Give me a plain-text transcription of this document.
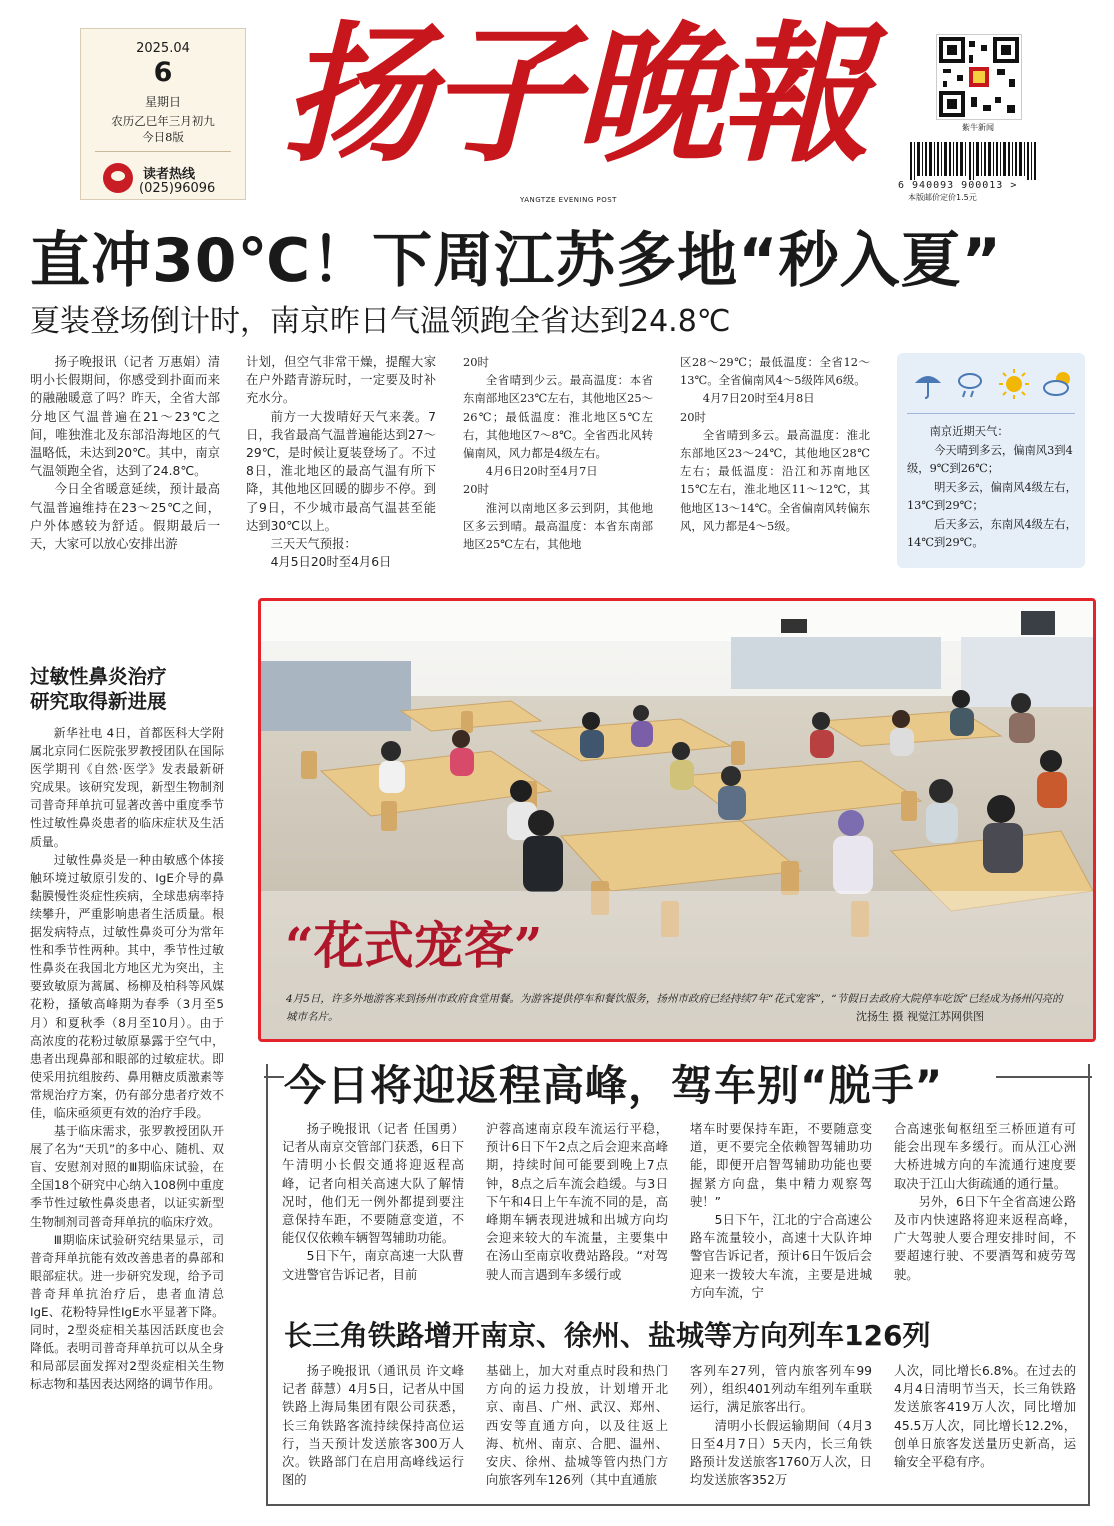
2025.04
6
星期日
农历乙巳年三月初九
今日8版
读者热线
(025)96096
扬子晚報
YANGTZE EVENING POST
紫牛新闻
6 940093 900013 >
本版邮价定价1.5元
直冲30℃！下周江苏多地“秒入夏”
夏装登场倒计时，南京昨日气温领跑全省达到24.8℃

扬子晚报讯（记者 万惠娟）清明小长假期间，你感受到扑面而来的融融暖意了吗？昨天，全省大部分地区气温普遍在21～23℃之间，唯独淮北及东部沿海地区的气温略低，未达到20℃。其中，南京气温领跑全省，达到了24.8℃。

今日全省暖意延续，预计最高气温普遍维持在23～25℃之间，户外体感较为舒适。假期最后一天，大家可以放心安排出游

计划，但空气非常干燥，提醒大家在户外踏青游玩时，一定要及时补充水分。

前方一大拨晴好天气来袭。7日，我省最高气温普遍能达到27～29℃，是时候让夏装登场了。不过8日，淮北地区的最高气温有所下降，其他地区回暖的脚步不停。到了9日，不少城市最高气温甚至能达到30℃以上。

三天天气预报：

4月5日20时至4月6日

20时

全省晴到少云。最高温度：本省东南部地区23℃左右，其他地区25～26℃；最低温度：淮北地区5℃左右，其他地区7～8℃。全省西北风转偏南风，风力都是4级左右。

4月6日20时至4月7日

20时

淮河以南地区多云到阴，其他地区多云到晴。最高温度：本省东南部地区25℃左右，其他地

区28～29℃；最低温度：全省12～13℃。全省偏南风4～5级阵风6级。

4月7日20时至4月8日

20时

全省晴到多云。最高温度：淮北东部地区23～24℃，其他地区28℃左右；最低温度：沿江和苏南地区15℃左右，淮北地区11～12℃，其他地区13～14℃。全省偏南风转偏东风，风力都是4～5级。

南京近期天气：

今天晴到多云，偏南风3到4级，9℃到26℃；

明天多云，偏南风4级左右，13℃到29℃；

后天多云，东南风4级左右，14℃到29℃。

过敏性鼻炎治疗
研究取得新进展

新华社电 4日，首都医科大学附属北京同仁医院张罗教授团队在国际医学期刊《自然·医学》发表最新研究成果。该研究发现，新型生物制剂司普奇拜单抗可显著改善中重度季节性过敏性鼻炎患者的临床症状及生活质量。

过敏性鼻炎是一种由敏感个体接触环境过敏原引发的、IgE介导的鼻黏膜慢性炎症性疾病，全球患病率持续攀升，严重影响患者生活质量。根据发病特点，过敏性鼻炎可分为常年性和季节性两种。其中，季节性过敏性鼻炎在我国北方地区尤为突出，主要致敏原为蒿属、杨柳及柏科等风媒花粉，搔敏高峰期为春季（3月至5月）和夏秋季（8月至10月）。由于高浓度的花粉过敏原暴露于空气中，患者出现鼻部和眼部的过敏症状。即使采用抗组胺药、鼻用糖皮质激素等常规治疗方案，仍有部分患者疗效不佳，临床亟须更有效的治疗手段。

基于临床需求，张罗教授团队开展了名为“天玑”的多中心、随机、双盲、安慰剂对照的Ⅲ期临床试验，在全国18个研究中心纳入108例中重度季节性过敏性鼻炎患者，以证实新型生物制剂司普奇拜单抗的临床疗效。

Ⅲ期临床试验研究结果显示，司普奇拜单抗能有效改善患者的鼻部和眼部症状。进一步研究发现，给予司普奇拜单抗治疗后，患者血清总IgE、花粉特异性IgE水平显著下降。同时，2型炎症相关基因活跃度也会降低。表明司普奇拜单抗可以从全身和局部层面发挥对2型炎症相关生物标志物和基因表达网络的调节作用。

“花式宠客”
4月5日，许多外地游客来到扬州市政府食堂用餐。为游客提供停车和餐饮服务，扬州市政府已经持续7年“花式宠客”，“节假日去政府大院停车吃饭”已经成为扬州闪亮的城市名片。	沈扬生 摄 视觉江苏网供图
今日将迎返程高峰，驾车别“脱手”

扬子晚报讯（记者 任国勇）记者从南京交管部门获悉，6日下午清明小长假交通将迎返程高峰，记者向相关高速大队了解情况时，他们无一例外都提到要注意保持车距，不要随意变道，不能仅仅依赖车辆智驾辅助功能。

5日下午，南京高速一大队曹文进警官告诉记者，目前

沪蓉高速南京段车流运行平稳，预计6日下午2点之后会迎来高峰期，持续时间可能要到晚上7点钟，8点之后车流会趋缓。与3日下午和4日上午车流不同的是，高峰期车辆表现进城和出城方向均会迎来较大的车流量，主要集中在汤山至南京收费站路段。“对驾驶人而言遇到车多缓行或

堵车时要保持车距，不要随意变道，更不要完全依赖智驾辅助功能，即便开启智驾辅助功能也要握紧方向盘，集中精力观察驾驶！”

5日下午，江北的宁合高速公路车流量较小，高速十大队许坤警官告诉记者，预计6日午饭后会迎来一拨较大车流，主要是进城方向车流，宁

合高速张甸枢纽至三桥匝道有可能会出现车多缓行。而从江心洲大桥进城方向的车流通行速度要取决于江山大街疏通的通行量。

另外，6日下午全省高速公路及市内快速路将迎来返程高峰，广大驾驶人要合理安排时间，不要超速行驶、不要酒驾和疲劳驾驶。

长三角铁路增开南京、徐州、盐城等方向列车126列

扬子晚报讯（通讯员 许文峰 记者 薛慧）4月5日，记者从中国铁路上海局集团有限公司获悉，长三角铁路客流持续保持高位运行，当天预计发送旅客300万人次。铁路部门在启用高峰线运行图的

基础上，加大对重点时段和热门方向的运力投放，计划增开北京、南昌、广州、武汉、郑州、西安等直通方向，以及往返上海、杭州、南京、合肥、温州、安庆、徐州、盐城等管内热门方向旅客列车126列（其中直通旅

客列车27列，管内旅客列车99列），组织401列动车组列车重联运行，满足旅客出行。

清明小长假运输期间（4月3日至4月7日）5天内，长三角铁路预计发送旅客1760万人次，日均发送旅客352万

人次，同比增长6.8%。在过去的4月4日清明节当天，长三角铁路发送旅客419万人次，同比增加45.5万人次，同比增长12.2%，创单日旅客发送量历史新高，运输安全平稳有序。
